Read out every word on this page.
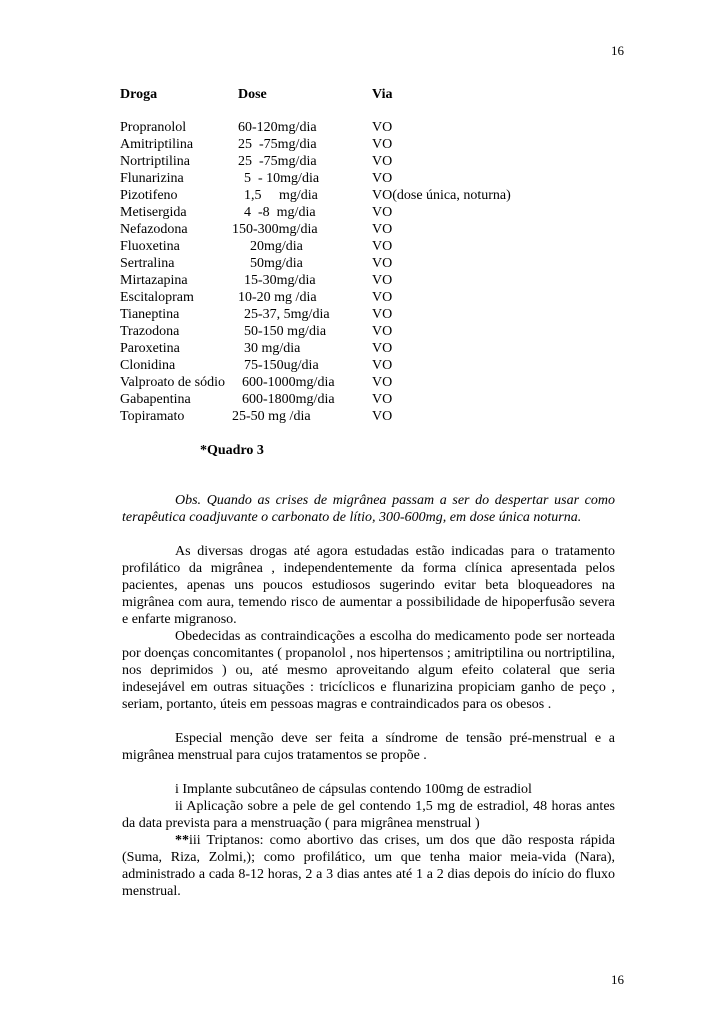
16
Droga	Dose	Via
Propranolol	60-120mg/dia	VO
Amitriptilina	25  -75mg/dia	VO
Nortriptilina	25  -75mg/dia	VO
Flunarizina	5  - 10mg/dia	VO
Pizotifeno	1,5     mg/dia	VO(dose única, noturna)
Metisergida	4  -8  mg/dia	VO
Nefazodona	150-300mg/dia	VO
Fluoxetina	20mg/dia	VO
Sertralina	50mg/dia	VO
Mirtazapina	15-30mg/dia	VO
Escitalopram	10-20 mg /dia	VO
Tianeptina	25-37, 5mg/dia	VO
Trazodona	50-150 mg/dia	VO
Paroxetina	30 mg/dia	VO
Clonidina	75-150ug/dia	VO
Valproato de sódio 600-1000mg/dia	VO
Gabapentina	600-1800mg/dia	VO
Topiramato	25-50 mg /dia	VO
*Quadro 3

Obs. Quando as crises de migrânea passam a ser do despertar usar como terapêutica coadjuvante o carbonato de lítio, 300-600mg, em dose única noturna.

As diversas drogas até agora estudadas estão indicadas para o tratamento profilático da migrânea , independentemente da forma clínica apresentada pelos pacientes, apenas uns poucos estudiosos sugerindo evitar beta bloqueadores na migrânea com aura, temendo risco de aumentar a possibilidade de hipoperfusão severa e enfarte migranoso.

Obedecidas as contraindicações a escolha do medicamento pode ser norteada por doenças concomitantes ( propanolol , nos hipertensos ; amitriptilina ou nortriptilina, nos deprimidos ) ou, até mesmo aproveitando algum efeito colateral que seria indesejável em outras situações : tricíclicos e flunarizina propiciam ganho de peço , seriam, portanto, úteis em pessoas magras e contraindicados para os obesos .

Especial menção deve ser feita a síndrome de tensão pré-menstrual e a migrânea menstrual para cujos tratamentos se propõe .

i Implante subcutâneo de cápsulas contendo 100mg de estradiol

ii Aplicação sobre a pele de gel contendo 1,5 mg de estradiol, 48 horas antes da data prevista para a menstruação ( para migrânea menstrual )

**iii Triptanos: como abortivo das crises, um dos que dão resposta rápida (Suma, Riza, Zolmi,); como profilático, um que tenha maior meia-vida (Nara), administrado a cada 8-12 horas, 2 a 3 dias antes até 1 a 2 dias depois do início do fluxo menstrual.

16
